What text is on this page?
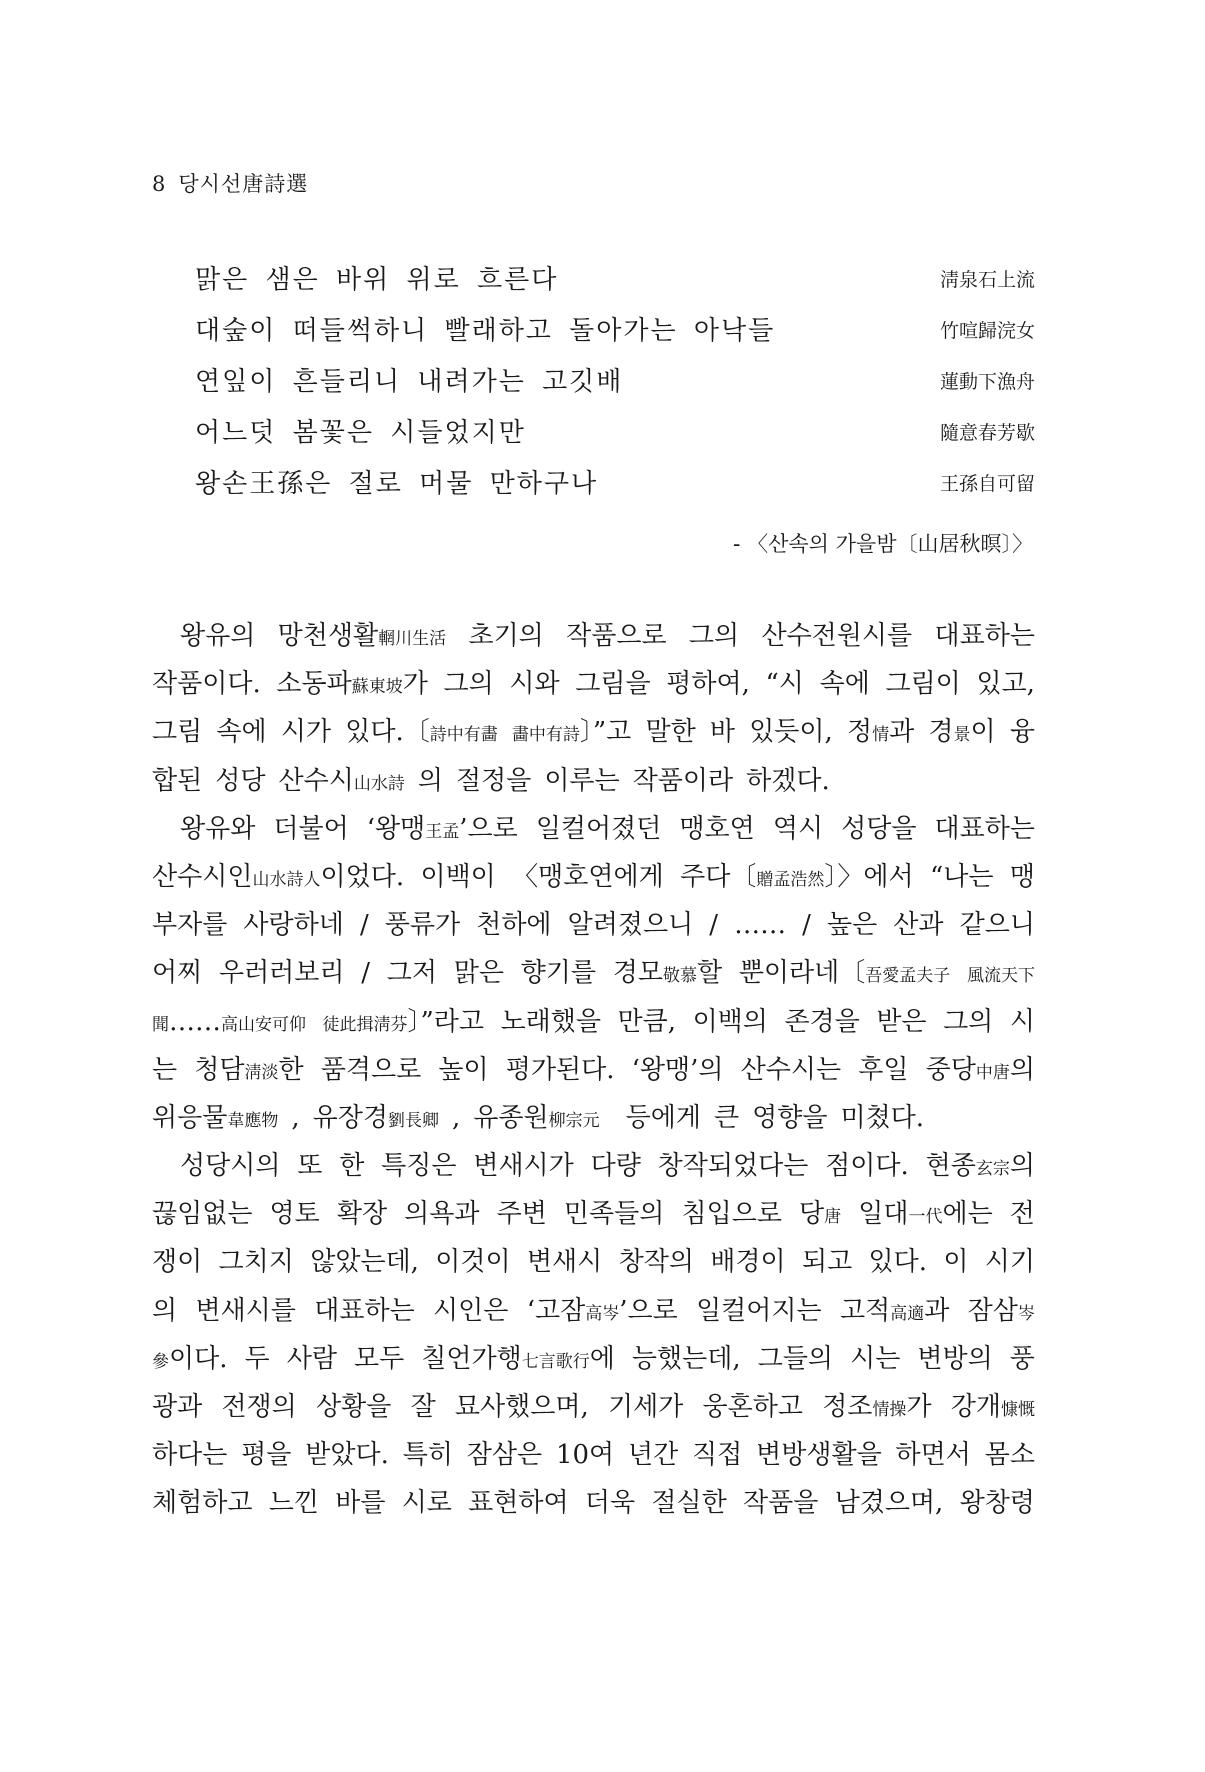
8 당시선唐詩選
맑은 샘은 바위 위로 흐른다	淸泉石上流
대숲이 떠들썩하니 빨래하고 돌아가는 아낙들	竹喧歸浣女
연잎이 흔들리니 내려가는 고깃배	蓮動下漁舟
어느덧 봄꽃은 시들었지만	隨意春芳歇
왕손王孫은 절로 머물 만하구나	王孫自可留
- 〈산속의 가을밤〔山居秋暝〕〉
왕유의 망천생활輞川生活 초기의 작품으로 그의 산수전원시를 대표하는
작품이다. 소동파蘇東坡가 그의 시와 그림을 평하여, “시 속에 그림이 있고,
그림 속에 시가 있다.〔詩中有畵 畵中有詩〕”고 말한 바 있듯이, 정情과 경景이 융
합된 성당 산수시山水詩 의 절정을 이루는 작품이라 하겠다.
왕유와 더불어 ‘왕맹王孟’으로 일컬어졌던 맹호연 역시 성당을 대표하는
산수시인山水詩人이었다. 이백이 〈맹호연에게 주다〔贈孟浩然〕〉에서 “나는 맹
부자를 사랑하네 / 풍류가 천하에 알려졌으니 / …… / 높은 산과 같으니
어찌 우러러보리 / 그저 맑은 향기를 경모敬慕할 뿐이라네〔吾愛孟夫子 風流天下
聞……高山安可仰 徒此揖淸芬〕”라고 노래했을 만큼, 이백의 존경을 받은 그의 시
는 청담淸淡한 품격으로 높이 평가된다. ‘왕맹’의 산수시는 후일 중당中唐의
위응물韋應物 , 유장경劉長卿 , 유종원柳宗元	등에게 큰 영향을 미쳤다.
성당시의 또 한 특징은 변새시가 다량 창작되었다는 점이다. 현종玄宗의
끊임없는 영토 확장 의욕과 주변 민족들의 침입으로 당唐 일대一代에는 전
쟁이 그치지 않았는데, 이것이 변새시 창작의 배경이 되고 있다. 이 시기
의 변새시를 대표하는 시인은 ‘고잠高岑’으로 일컬어지는 고적高適과 잠삼岑
參이다. 두 사람 모두 칠언가행七言歌行에 능했는데, 그들의 시는 변방의 풍
광과 전쟁의 상황을 잘 묘사했으며, 기세가 웅혼하고 정조情操가 강개慷慨
하다는 평을 받았다. 특히 잠삼은 10여 년간 직접 변방생활을 하면서 몸소
체험하고 느낀 바를 시로 표현하여 더욱 절실한 작품을 남겼으며, 왕창령
